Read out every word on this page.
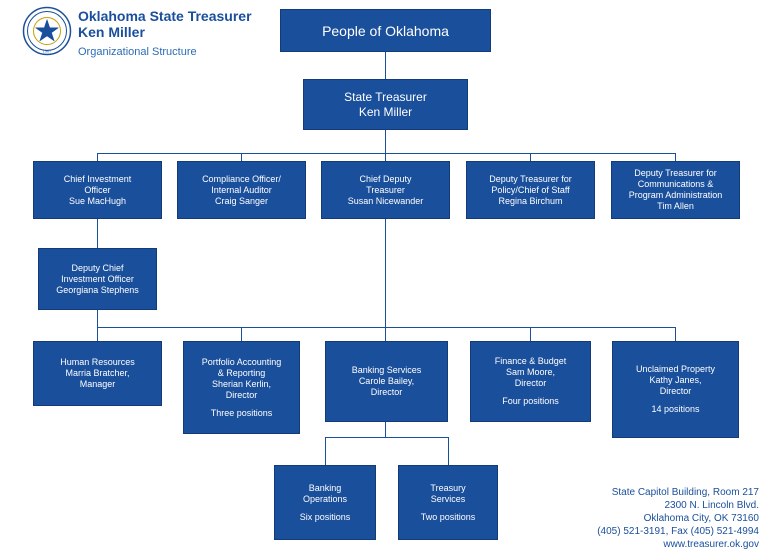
1907
Oklahoma State Treasurer
Ken Miller
Organizational Structure
People of Oklahoma
State Treasurer
Ken Miller
Chief Investment
Officer
Sue MacHugh
Compliance Officer/
Internal Auditor
Craig Sanger
Chief Deputy
Treasurer
Susan Nicewander
Deputy Treasurer for
Policy/Chief of Staff
Regina Birchum
Deputy Treasurer for
Communications &
Program Administration
Tim Allen
Deputy Chief
Investment Officer
Georgiana Stephens
Human Resources
Marria Bratcher,
Manager
Portfolio Accounting
& Reporting
Sherian Kerlin,
Director
Three positions
Banking Services
Carole Bailey,
Director
Finance & Budget
Sam Moore,
Director
Four positions
Unclaimed Property
Kathy Janes,
Director
14 positions
Banking
Operations
Six positions
Treasury
Services
Two positions
State Capitol Building, Room 217
2300 N. Lincoln Blvd.
Oklahoma City, OK 73160
(405) 521-3191, Fax (405) 521-4994
www.treasurer.ok.gov
